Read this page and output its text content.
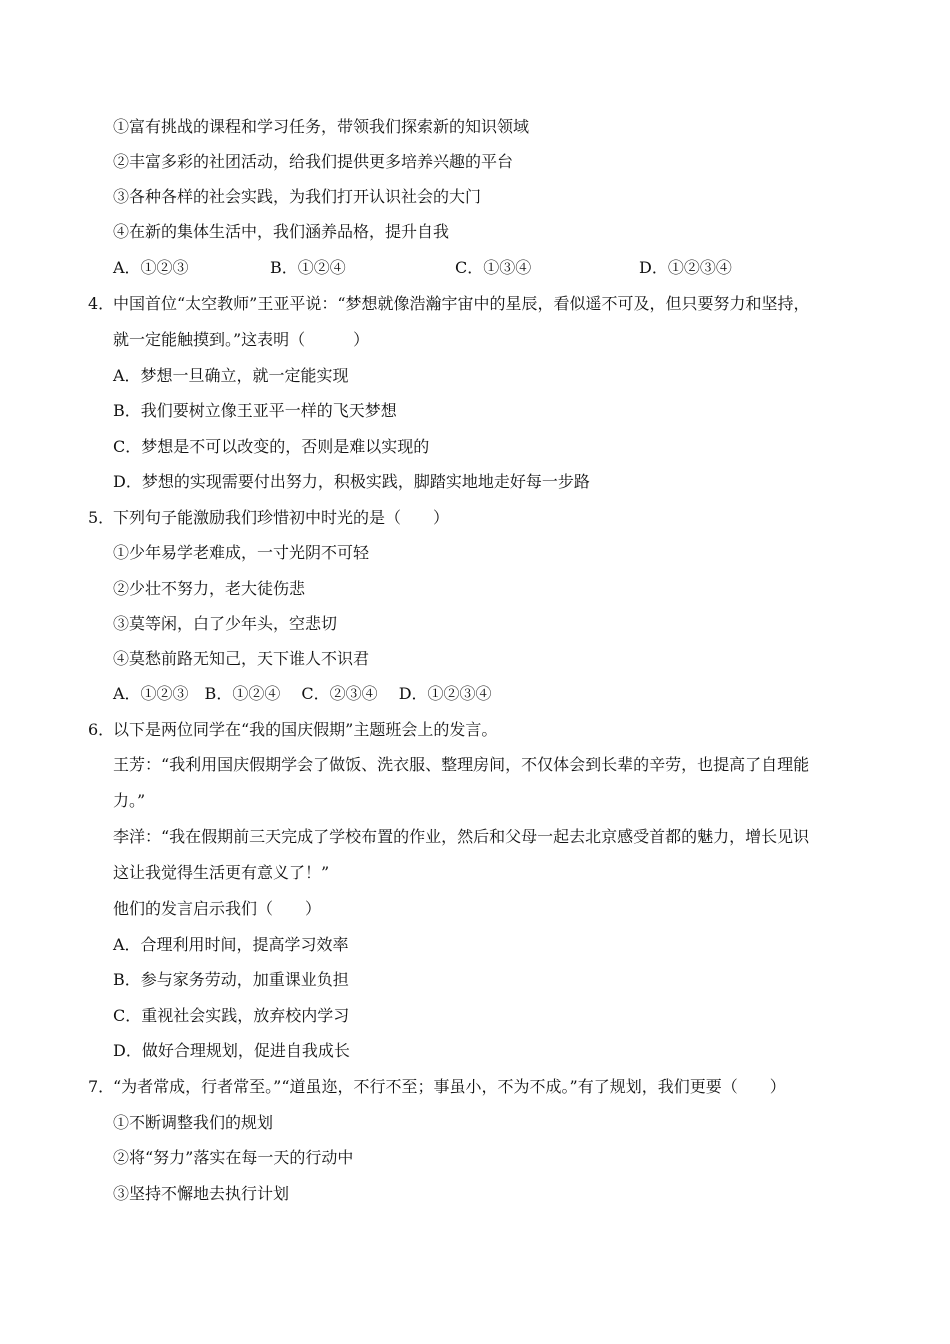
①富有挑战的课程和学习任务，带领我们探索新的知识领域
②丰富多彩的社团活动，给我们提供更多培养兴趣的平台
③各种各样的社会实践，为我们打开认识社会的大门
④在新的集体生活中，我们涵养品格，提升自我
A．①②③	B．①②④	C．①③④	D．①②③④
4．
中国首位“太空教师”王亚平说：“梦想就像浩瀚宇宙中的星辰，看似遥不可及，但只要努力和坚持，
就一定能触摸到。”这表明（　　　）
A．梦想一旦确立，就一定能实现
B．我们要树立像王亚平一样的飞天梦想
C．梦想是不可以改变的，否则是难以实现的
D．梦想的实现需要付出努力，积极实践，脚踏实地地走好每一步路
5．
下列句子能激励我们珍惜初中时光的是（　　）
①少年易学老难成，一寸光阴不可轻
②少壮不努力，老大徒伤悲
③莫等闲，白了少年头，空悲切
④莫愁前路无知己，天下谁人不识君
A．①②③　B．①②④　 C．②③④　 D．①②③④
6．
以下是两位同学在“我的国庆假期”主题班会上的发言。
王芳：“我利用国庆假期学会了做饭、洗衣服、整理房间，不仅体会到长辈的辛劳，也提高了自理能
力。”
李洋：“我在假期前三天完成了学校布置的作业，然后和父母一起去北京感受首都的魅力，增长见识
这让我觉得生活更有意义了！”
他们的发言启示我们（　　）
A．合理利用时间，提高学习效率
B．参与家务劳动，加重课业负担
C．重视社会实践，放弃校内学习
D．做好合理规划，促进自我成长
7．
“为者常成，行者常至。”“道虽迩，不行不至；事虽小，不为不成。”有了规划，我们更要（　　）
①不断调整我们的规划
②将“努力”落实在每一天的行动中
③坚持不懈地去执行计划
